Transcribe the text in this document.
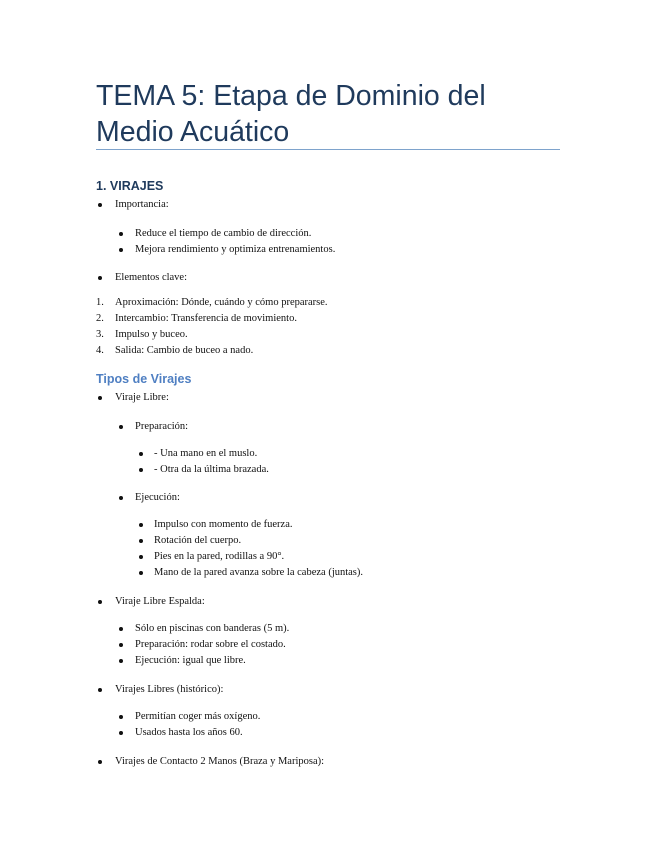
TEMA 5: Etapa de Dominio del Medio Acuático
1. VIRAJES
Importancia:
Reduce el tiempo de cambio de dirección.
Mejora rendimiento y optimiza entrenamientos.
Elementos clave:
1. Aproximación: Dónde, cuándo y cómo prepararse.
2. Intercambio: Transferencia de movimiento.
3. Impulso y buceo.
4. Salida: Cambio de buceo a nado.
Tipos de Virajes
Viraje Libre:
Preparación:
- Una mano en el muslo.
- Otra da la última brazada.
Ejecución:
Impulso con momento de fuerza.
Rotación del cuerpo.
Pies en la pared, rodillas a 90°.
Mano de la pared avanza sobre la cabeza (juntas).
Viraje Libre Espalda:
Sólo en piscinas con banderas (5 m).
Preparación: rodar sobre el costado.
Ejecución: igual que libre.
Virajes Libres (histórico):
Permitían coger más oxígeno.
Usados hasta los años 60.
Virajes de Contacto 2 Manos (Braza y Mariposa):
